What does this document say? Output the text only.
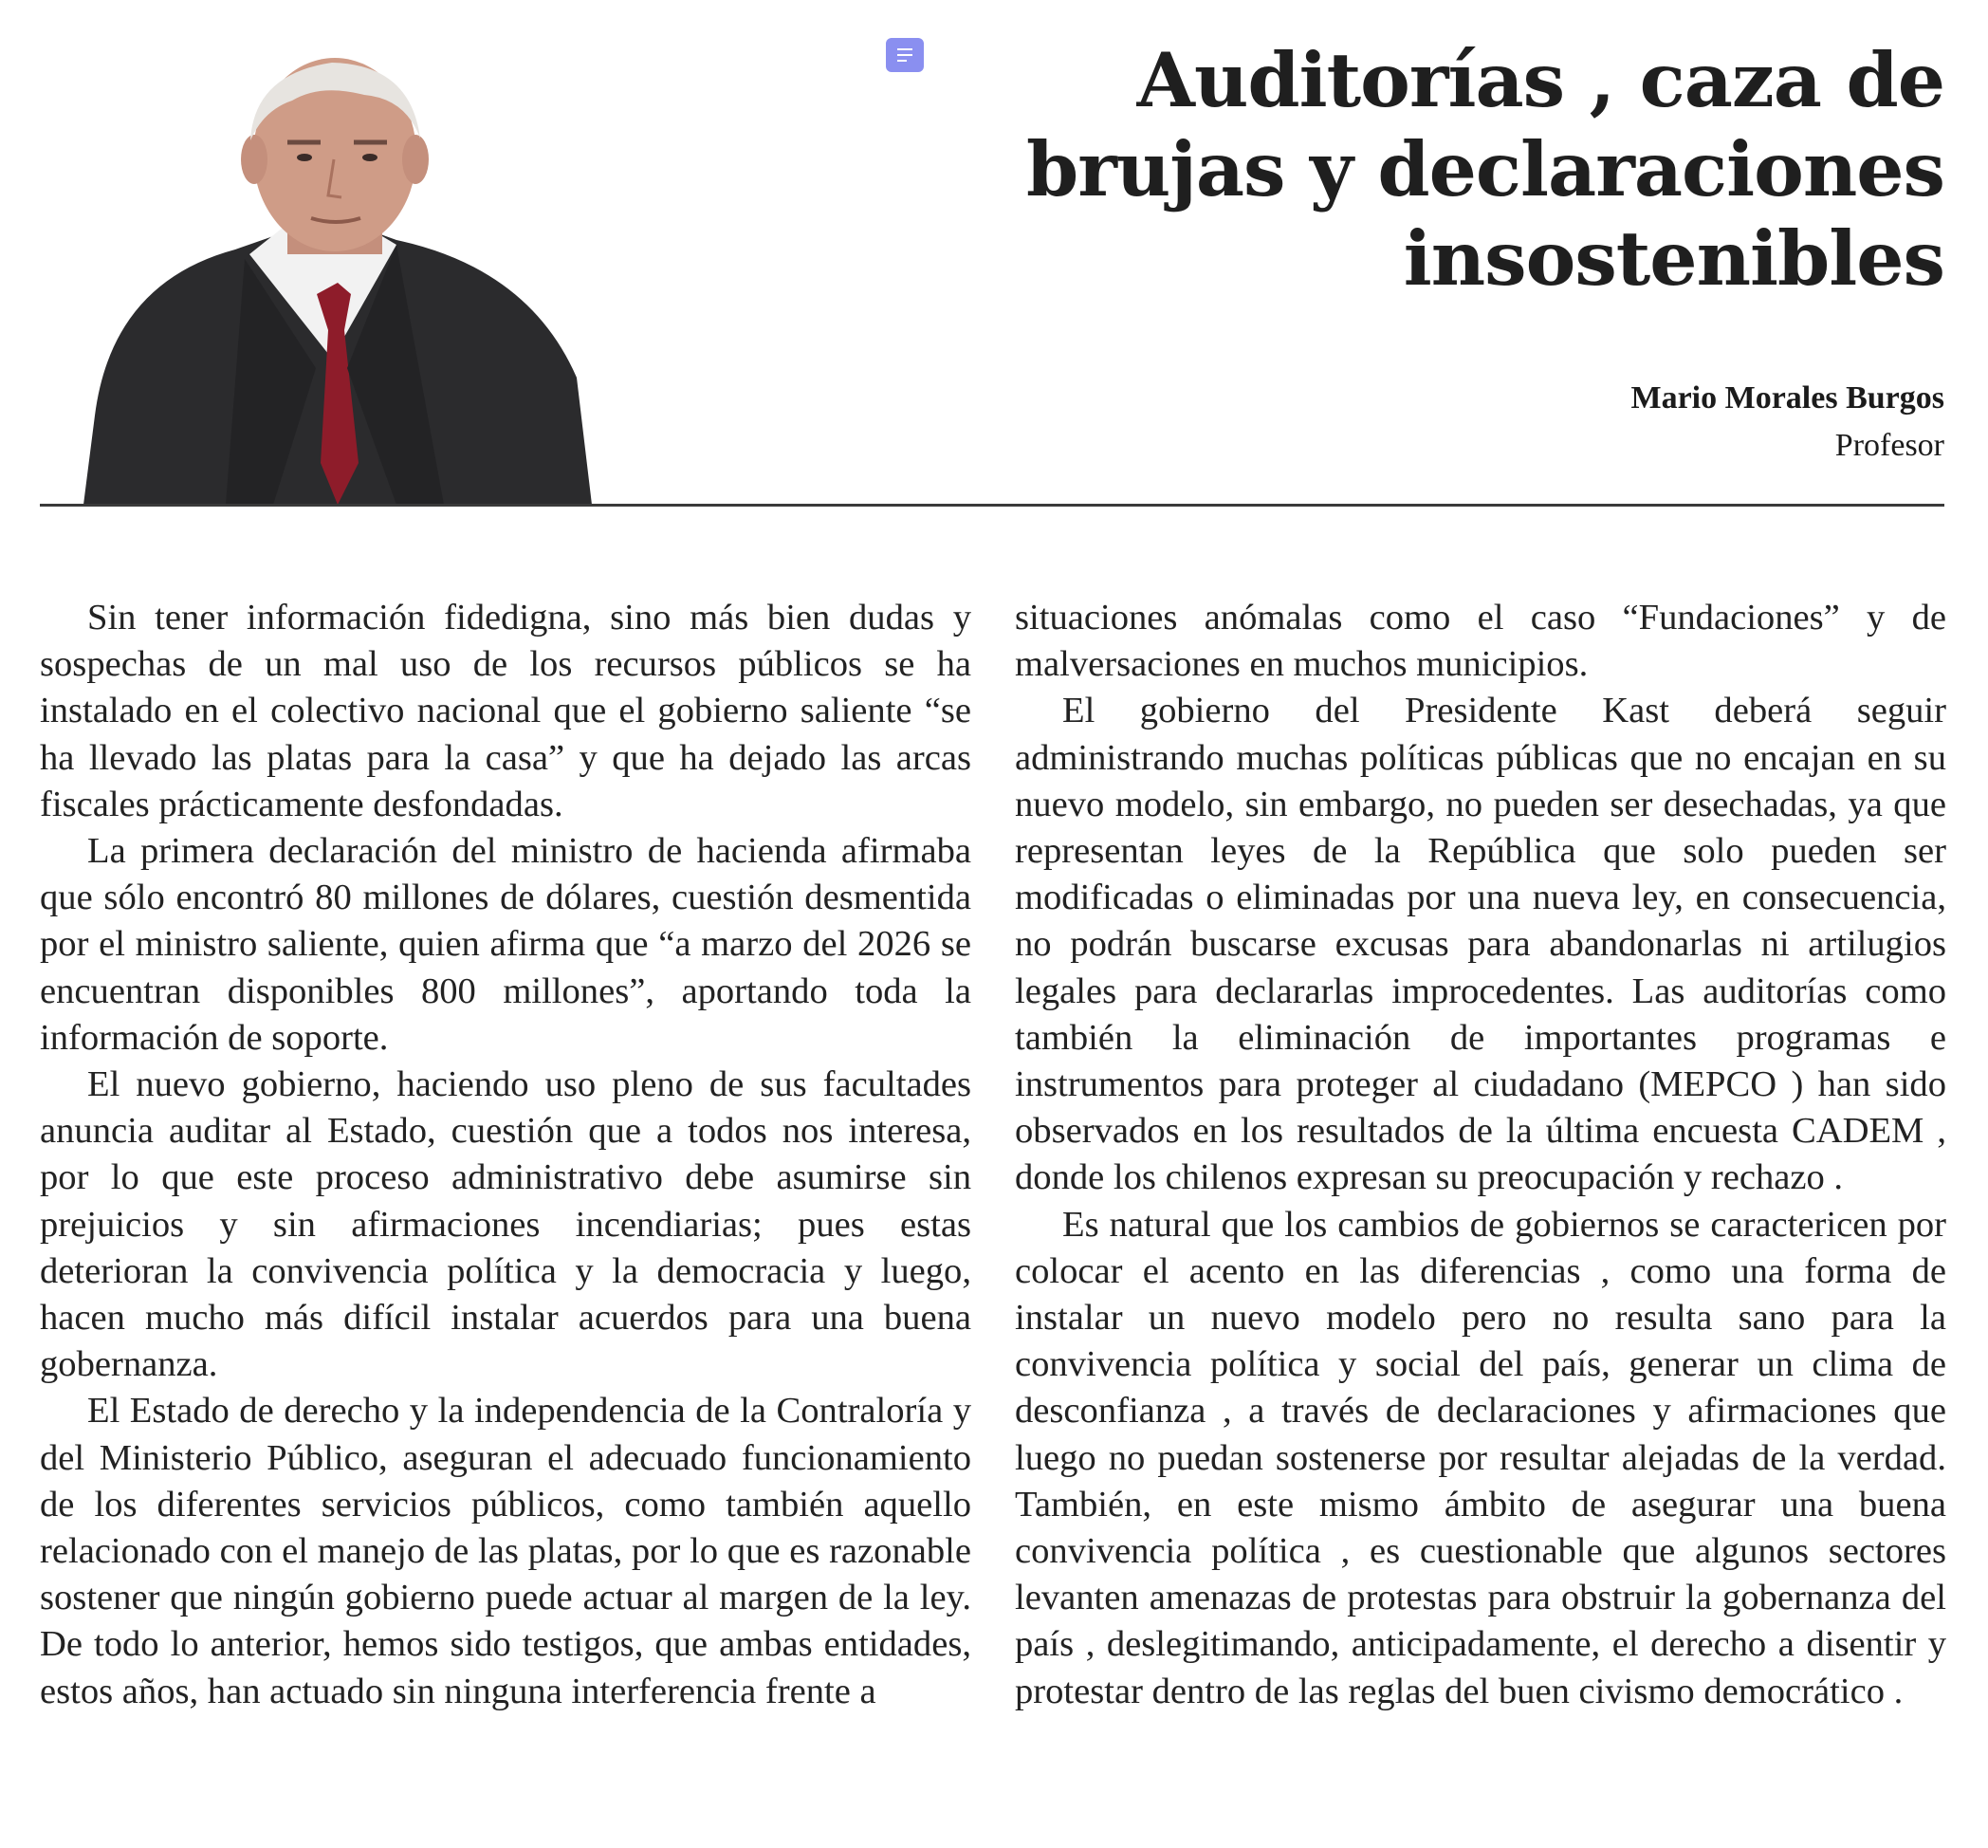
Auditorías , caza de brujas y declaraciones insostenibles
Mario Morales Burgos
Profesor

Sin tener información fidedigna, sino más bien dudas y sospechas de un mal uso de los recursos públicos se ha instalado en el colectivo nacional que el gobierno saliente “se ha llevado las platas para la casa” y que ha dejado las arcas fiscales prácticamente desfondadas.

La primera declaración del ministro de hacienda afirmaba que sólo encontró 80 millones de dólares, cuestión desmentida por el ministro saliente, quien afirma que “a marzo del 2026 se encuentran disponibles 800 millones”, aportando toda la información de soporte.

El nuevo gobierno, haciendo uso pleno de sus facultades anuncia auditar al Estado, cuestión que a todos nos interesa, por lo que este proceso administrativo debe asumirse sin prejuicios y sin afirmaciones incendiarias; pues estas deterioran la convivencia política y la democracia y luego, hacen mucho más difícil instalar acuerdos para una buena gobernanza.

El Estado de derecho y la independencia de la Contraloría y del Ministerio Público, aseguran el adecuado funcionamiento de los diferentes servicios públicos, como también aquello relacionado con el manejo de las platas, por lo que es razonable sostener que ningún gobierno puede actuar al margen de la ley. De todo lo anterior, hemos sido testigos, que ambas entidades, estos años, han actuado sin ninguna interferencia frente a

situaciones anómalas como el caso “Fundaciones” y de malversaciones en muchos municipios.

El gobierno del Presidente Kast deberá seguir administrando muchas políticas públicas que no encajan en su nuevo modelo, sin embargo, no pueden ser desechadas, ya que representan leyes de la República que solo pueden ser modificadas o eliminadas por una nueva ley, en consecuencia, no podrán buscarse excusas para abandonarlas ni artilugios legales para declararlas improcedentes. Las auditorías como también la eliminación de importantes programas e instrumentos para proteger al ciudadano (MEPCO ) han sido observados en los resultados de la última encuesta CADEM , donde los chilenos expresan su preocupación y rechazo .

Es natural que los cambios de gobiernos se caractericen por colocar el acento en las diferencias , como una forma de instalar un nuevo modelo pero no resulta sano para la convivencia política y social del país, generar un clima de desconfianza , a través de declaraciones y afirmaciones que luego no puedan sostenerse por resultar alejadas de la verdad. También, en este mismo ámbito de asegurar una buena convivencia política , es cuestionable que algunos sectores levanten amenazas de protestas para obstruir la gobernanza del país , deslegitimando, anticipadamente, el derecho a disentir y protestar dentro de las reglas del buen civismo democrático .
